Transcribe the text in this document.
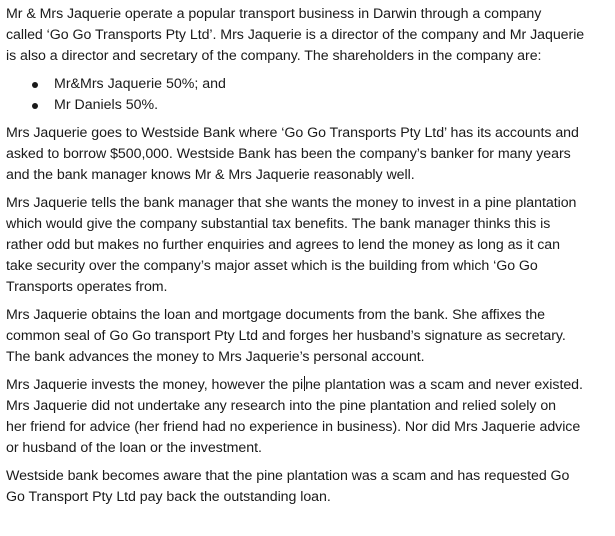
Mr & Mrs Jaquerie operate a popular transport business in Darwin through a company
called ‘Go Go Transports Pty Ltd’. Mrs Jaquerie is a director of the company and Mr Jaquerie
is also a director and secretary of the company. The shareholders in the company are:

Mr&Mrs Jaquerie 50%; and
Mr Daniels 50%.

Mrs Jaquerie goes to Westside Bank where ‘Go Go Transports Pty Ltd’ has its accounts and
asked to borrow $500,000. Westside Bank has been the company’s banker for many years
and the bank manager knows Mr & Mrs Jaquerie reasonably well.

Mrs Jaquerie tells the bank manager that she wants the money to invest in a pine plantation
which would give the company substantial tax benefits. The bank manager thinks this is
rather odd but makes no further enquiries and agrees to lend the money as long as it can
take security over the company’s major asset which is the building from which ‘Go Go
Transports operates from.

Mrs Jaquerie obtains the loan and mortgage documents from the bank. She affixes the
common seal of Go Go transport Pty Ltd and forges her husband’s signature as secretary.
The bank advances the money to Mrs Jaquerie’s personal account.

Mrs Jaquerie invests the money, however the pi ne plantation was a scam and never existed.
Mrs Jaquerie did not undertake any research into the pine plantation and relied solely on
her friend for advice (her friend had no experience in business). Nor did Mrs Jaquerie advice
or husband of the loan or the investment.

Westside bank becomes aware that the pine plantation was a scam and has requested Go
Go Transport Pty Ltd pay back the outstanding loan.
